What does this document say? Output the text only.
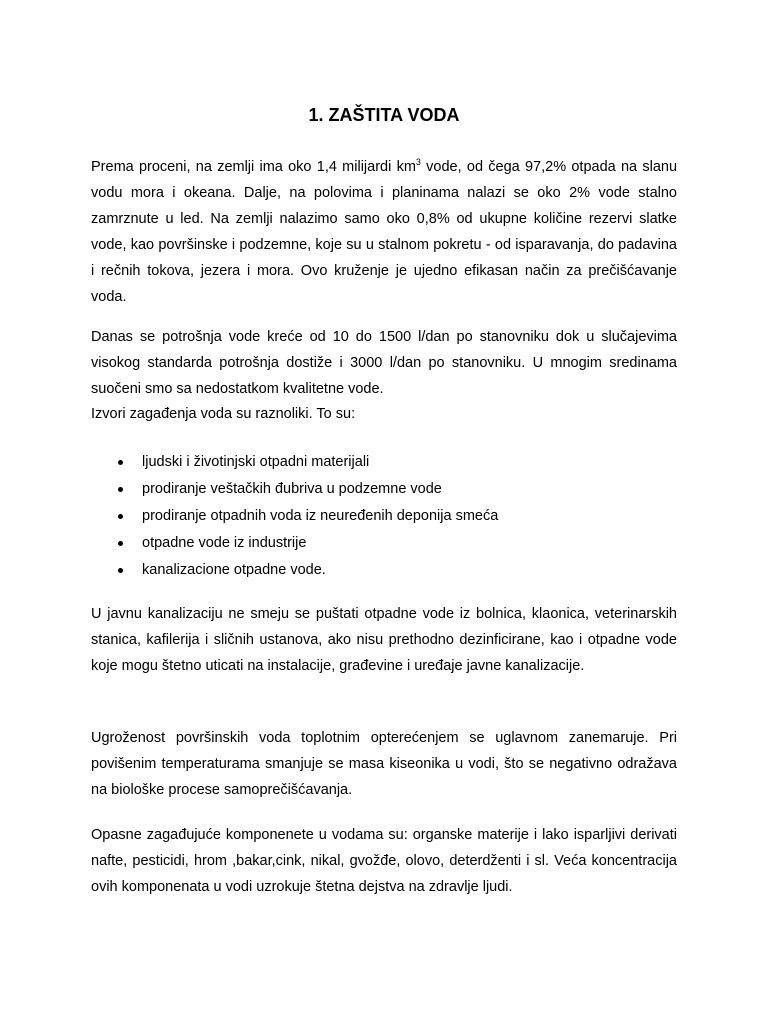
1. ZAŠTITA VODA

Prema proceni, na zemlji ima oko 1,4 milijardi $km^3$ vode, od čega 97,2% otpada na slanu vodu mora i okeana. Dalje, na polovima i planinama nalazi se oko 2% vode stalno zamrznute u led. Na zemlji nalazimo samo oko 0,8% od ukupne količine rezervi slatke vode, kao površinske i podzemne, koje su u stalnom pokretu - od isparavanja, do padavina i rečnih tokova, jezera i mora. Ovo kruženje je ujedno efikasan način za prečišćavanje voda.

Danas se potrošnja vode kreće od 10 do 1500 l/dan po stanovniku dok u slučajevima visokog standarda potrošnja dostiže i 3000 l/dan po stanovniku. U mnogim sredinama suočeni smo sa nedostatkom kvalitetne vode.

Izvori zagađenja voda su raznoliki. To su:

ljudski i životinjski otpadni materijali
prodiranje veštačkih đubriva u podzemne vode
prodiranje otpadnih voda iz neuređenih deponija smeća
otpadne vode iz industrije
kanalizacione otpadne vode.

U javnu kanalizaciju ne smeju se puštati otpadne vode iz bolnica, klaonica, veterinarskih stanica, kafilerija i sličnih ustanova, ako nisu prethodno dezinficirane, kao i otpadne vode koje mogu štetno uticati na instalacije, građevine i uređaje javne kanalizacije.

Ugroženost površinskih voda toplotnim opterećenjem se uglavnom zanemaruje. Pri povišenim temperaturama smanjuje se masa kiseonika u vodi, što se negativno odražava na biološke procese samoprečišćavanja.

Opasne zagađujuće komponenete u vodama su: organske materije i lako isparljivi derivati nafte, pesticidi, hrom ,bakar,cink, nikal, gvožđe, olovo, deterdženti i sl. Veća koncentracija ovih komponenata u vodi uzrokuje štetna dejstva na zdravlje ljudi.
